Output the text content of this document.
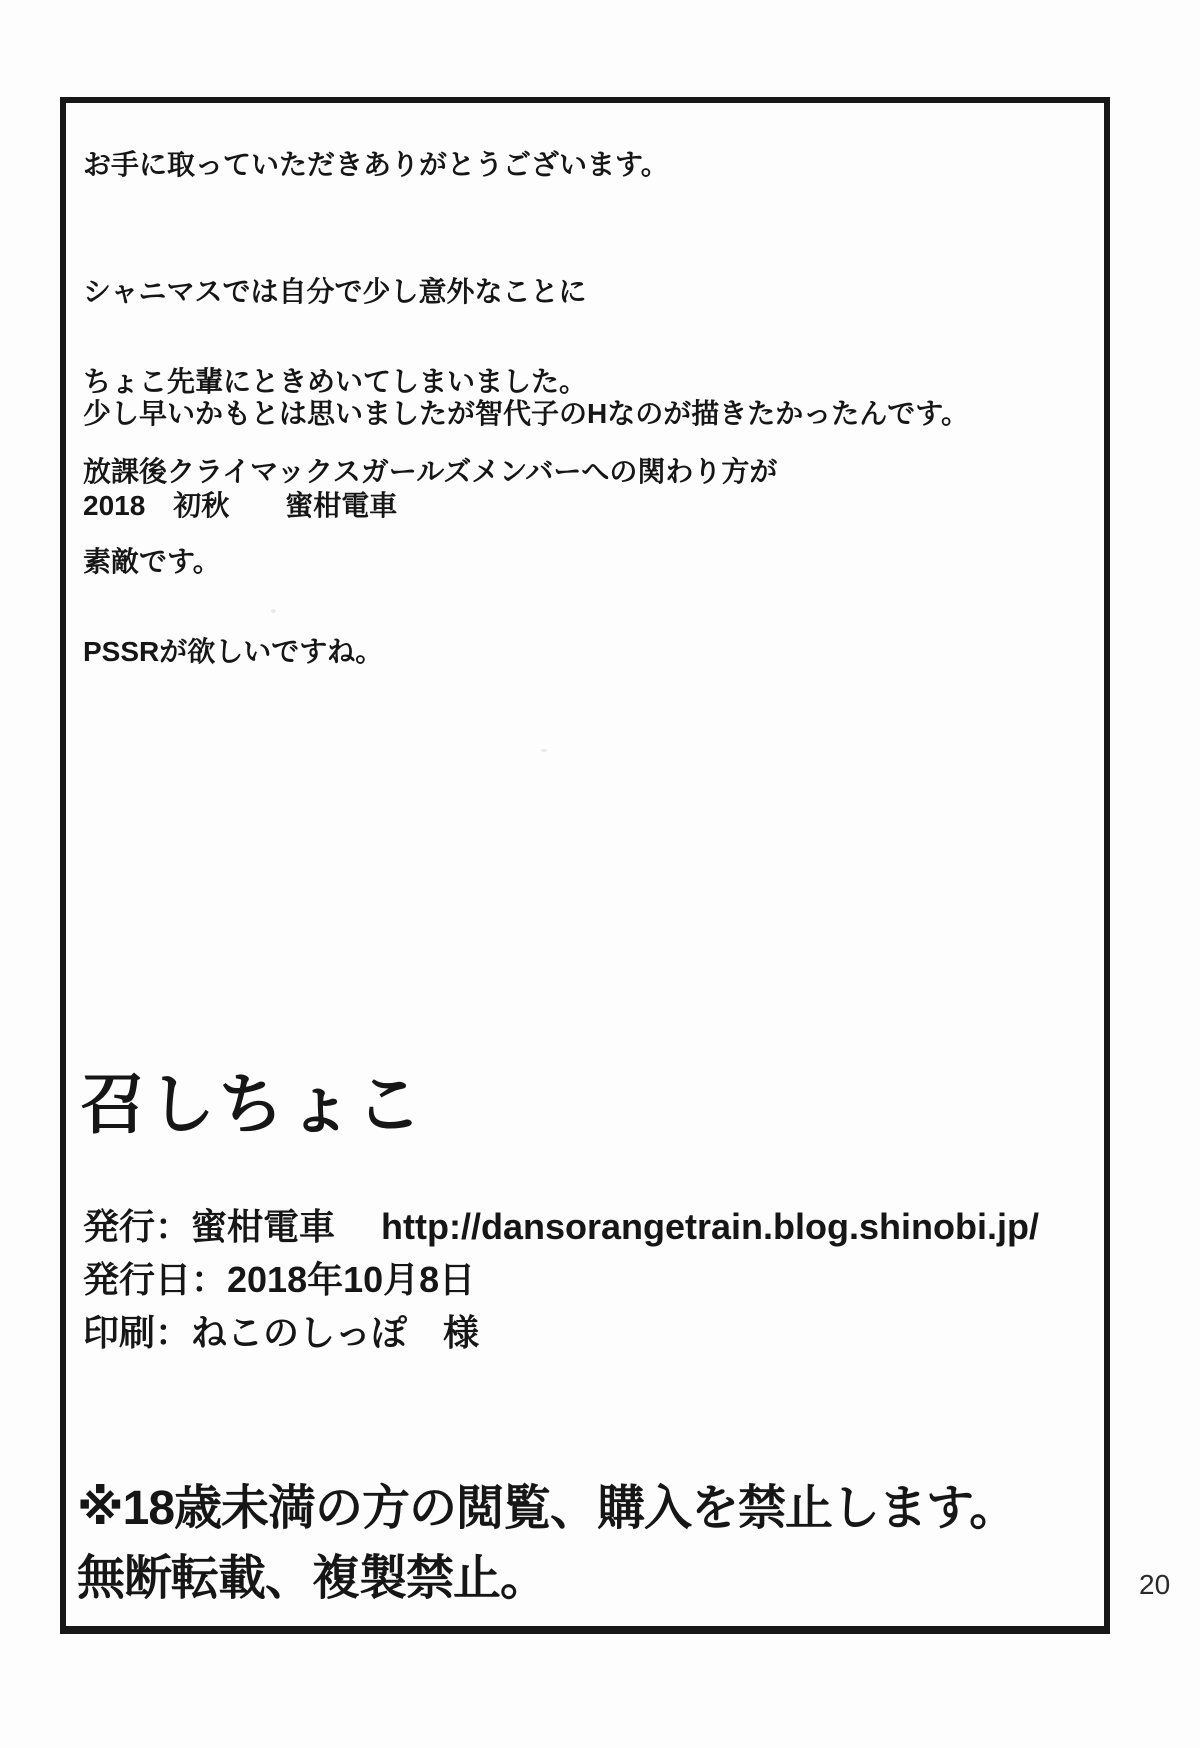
お手に取っていただきありがとうございます。

シャニマスでは自分で少し意外なことに

ちょこ先輩にときめいてしまいました。

放課後クライマックスガールズメンバーへの関わり方が

素敵です。

PSSRが欲しいですね。

少し早いかもとは思いましたが智代子のHなのが描きたかったんです。
2018　初秋　　蜜柑電車
召しちょこ
発行：蜜柑電車　 http://dansorangetrain.blog.shinobi.jp/
発行日：2018年10月8日
印刷：ねこのしっぽ　様
※18歳未満の方の閲覧、購入を禁止します。
無断転載、複製禁止。	20
